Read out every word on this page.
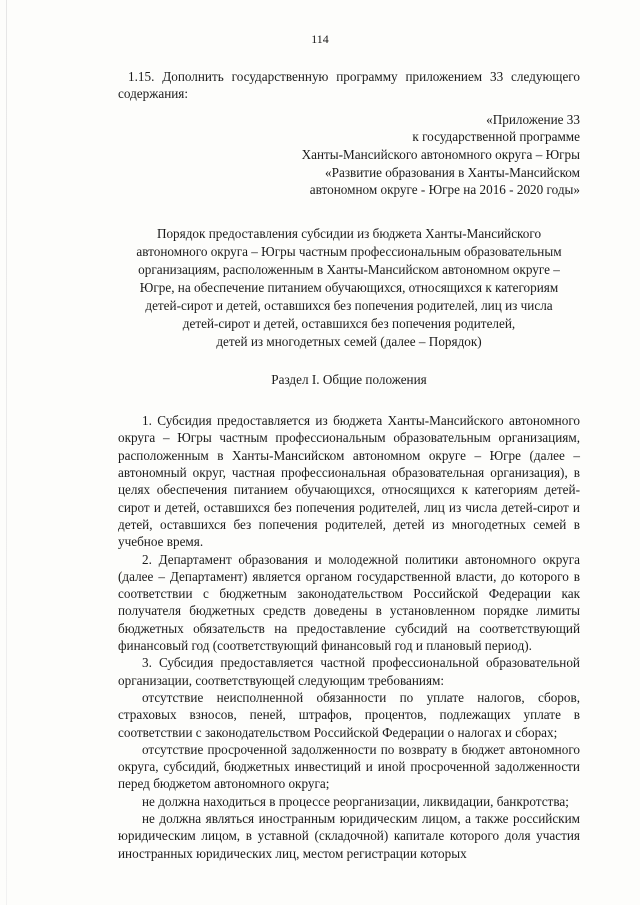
114

1.15. Дополнить государственную программу приложением 33 следующего содержания:

«Приложение 33
к государственной программе
Ханты-Мансийского автономного округа – Югры
«Развитие образования в Ханты-Мансийском
автономном округе - Югре на 2016 - 2020 годы»
Порядок предоставления субсидии из бюджета Ханты-Мансийского
автономного округа – Югры частным профессиональным образовательным
организациям, расположенным в Ханты-Мансийском автономном округе –
Югре, на обеспечение питанием обучающихся, относящихся к категориям
детей-сирот и детей, оставшихся без попечения родителей, лиц из числа
детей-сирот и детей, оставшихся без попечения родителей,
детей из многодетных семей (далее – Порядок)
Раздел I. Общие положения

1. Субсидия предоставляется из бюджета Ханты-Мансийского автономного округа – Югры частным профессиональным образовательным организациям, расположенным в Ханты-Мансийском автономном округе – Югре (далее – автономный округ, частная профессиональная образовательная организация), в целях обеспечения питанием обучающихся, относящихся к категориям детей-сирот и детей, оставшихся без попечения родителей, лиц из числа детей-сирот и детей, оставшихся без попечения родителей, детей из многодетных семей в учебное время.

2. Департамент образования и молодежной политики автономного округа (далее – Департамент) является органом государственной власти, до которого в соответствии с бюджетным законодательством Российской Федерации как получателя бюджетных средств доведены в установленном порядке лимиты бюджетных обязательств на предоставление субсидий на соответствующий финансовый год (соответствующий финансовый год и плановый период).

3. Субсидия предоставляется частной профессиональной образовательной организации, соответствующей следующим требованиям:

отсутствие неисполненной обязанности по уплате налогов, сборов, страховых взносов, пеней, штрафов, процентов, подлежащих уплате в соответствии с законодательством Российской Федерации о налогах и сборах;

отсутствие просроченной задолженности по возврату в бюджет автономного округа, субсидий, бюджетных инвестиций и иной просроченной задолженности перед бюджетом автономного округа;

не должна находиться в процессе реорганизации, ликвидации, банкротства;

не должна являться иностранным юридическим лицом, а также российским юридическим лицом, в уставной (складочной) капитале которого доля участия иностранных юридических лиц, местом регистрации которых
